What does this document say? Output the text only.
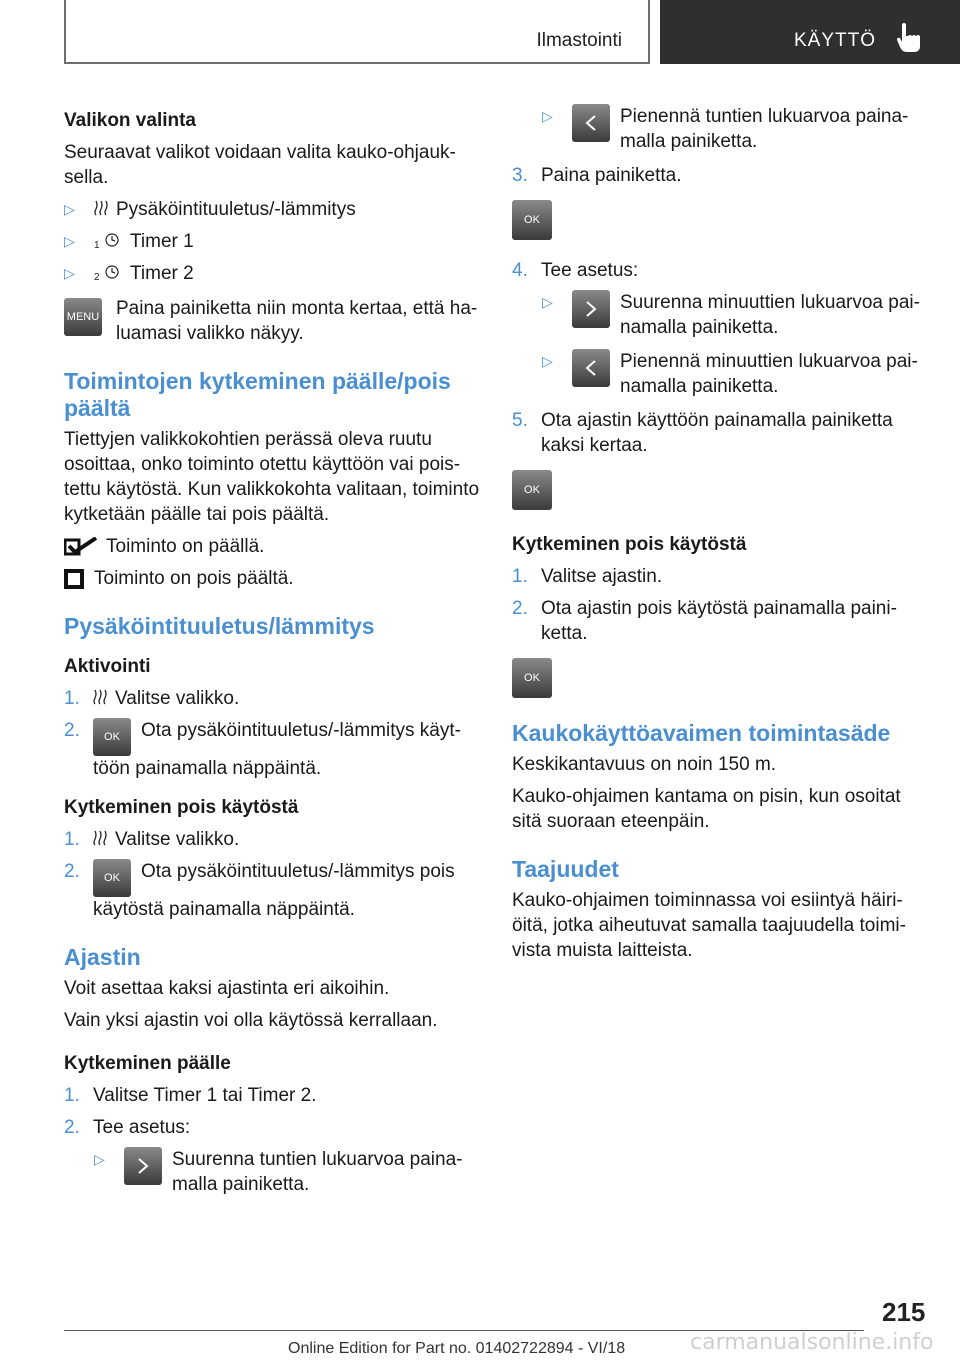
Ilmastointi	KÄYTTÖ
Valikon valinta
Seuraavat valikot voidaan valita kauko-ohjauk-sella.
▷ Pysäköintituuletus/-lämmitys
▷ 1 Timer 1
▷ 2 Timer 2
MENU Paina painiketta niin monta kertaa, että ha-luamasi valikko näkyy.
Toimintojen kytkeminen päälle/pois päältä
Tiettyjen valikkokohtien perässä oleva ruutu osoittaa, onko toiminto otettu käyttöön vai pois-tettu käytöstä. Kun valikkokohta valitaan, toiminto kytketään päälle tai pois päältä.
Toiminto on päällä.
Toiminto on pois päältä.
Pysäköintituuletus/lämmitys
Aktivointi
1. Valitse valikko.
2. OK Ota pysäköintituuletus/-lämmitys käyt-töön painamalla näppäintä.
Kytkeminen pois käytöstä
1. Valitse valikko.
2. OK Ota pysäköintituuletus/-lämmitys pois käytöstä painamalla näppäintä.
Ajastin
Voit asettaa kaksi ajastinta eri aikoihin.
Vain yksi ajastin voi olla käytössä kerrallaan.
Kytkeminen päälle
1. Valitse Timer 1 tai Timer 2.
2. Tee asetus:
▷	Suurenna tuntien lukuarvoa paina-malla painiketta.
▷	Pienennä tuntien lukuarvoa paina-malla painiketta.
3. Paina painiketta.
OK
4. Tee asetus:
▷	Suurenna minuuttien lukuarvoa pai-namalla painiketta.
▷	Pienennä minuuttien lukuarvoa pai-namalla painiketta.
5. Ota ajastin käyttöön painamalla painiketta kaksi kertaa.
OK
Kytkeminen pois käytöstä
1. Valitse ajastin.
2. Ota ajastin pois käytöstä painamalla paini-ketta.
OK
Kaukokäyttöavaimen toimintasäde
Keskikantavuus on noin 150 m.
Kauko-ohjaimen kantama on pisin, kun osoitat sitä suoraan eteenpäin.
Taajuudet
Kauko-ohjaimen toiminnassa voi esiintyä häiri-öitä, jotka aiheutuvat samalla taajuudella toimi-vista muista laitteista.
215
Online Edition for Part no. 01402722894 - VI/18	carmanualsonline.info
